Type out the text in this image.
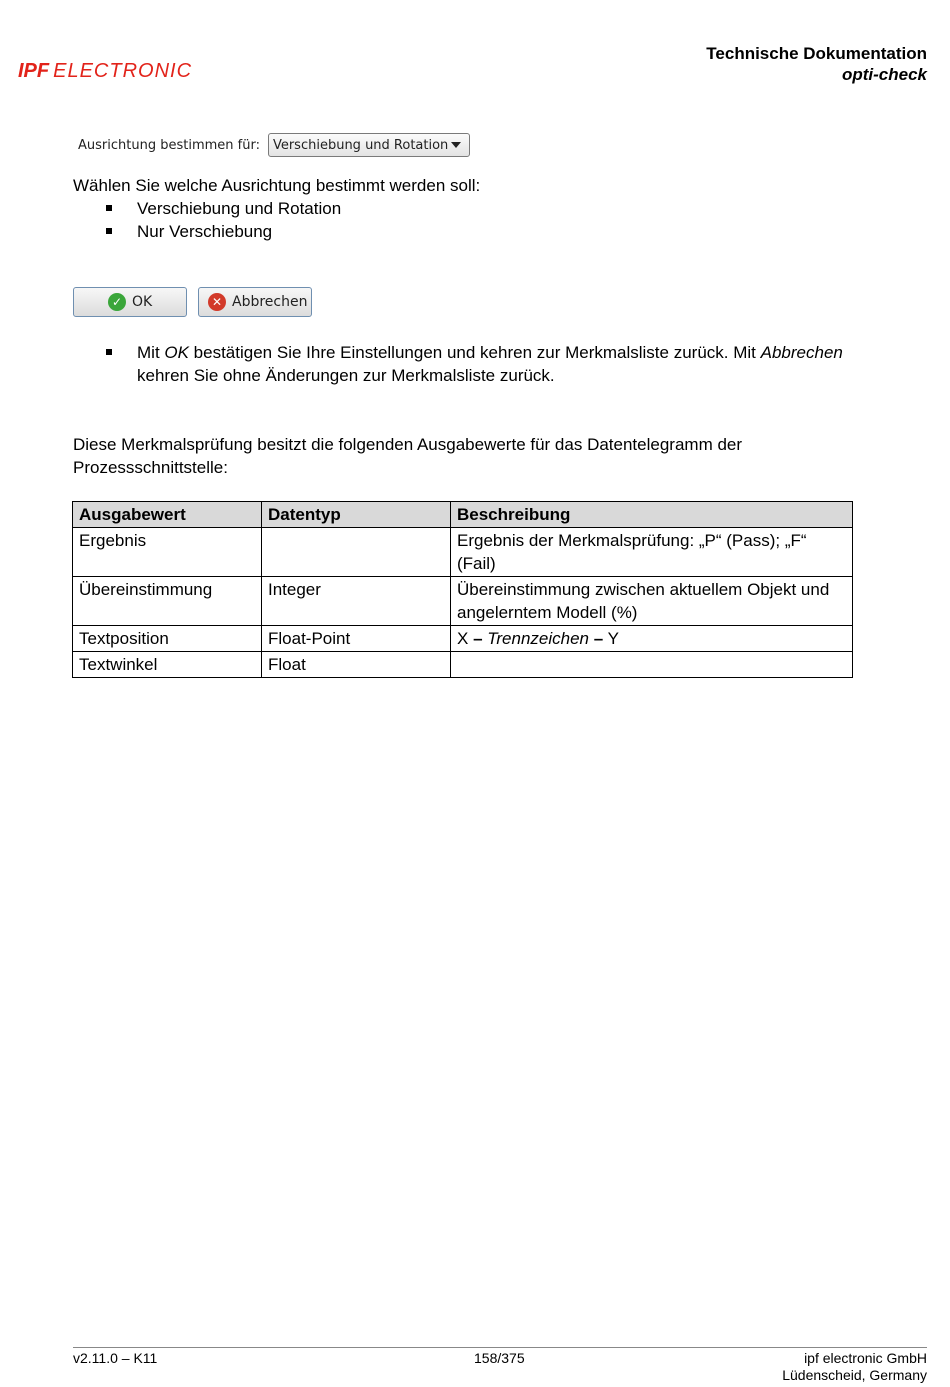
IPF ELECTRONIC
Technische Dokumentation
opti-check
Ausrichtung bestimmen für: Verschiebung und Rotation
Wählen Sie welche Ausrichtung bestimmt werden soll:
Verschiebung und Rotation
Nur Verschiebung
✓ OK	✕ Abbrechen
Mit OK bestätigen Sie Ihre Einstellungen und kehren zur Merkmalsliste zurück. Mit Abbrechen kehren Sie ohne Änderungen zur Merkmalsliste zurück.
Diese Merkmalsprüfung besitzt die folgenden Ausgabewerte für das Datentelegramm der Prozessschnittstelle:
Ausgabewert	Datentyp	Beschreibung
Ergebnis		Ergebnis der Merkmalsprüfung: „P“ (Pass); „F“ (Fail)
Übereinstimmung	Integer	Übereinstimmung zwischen aktuellem Objekt und angelerntem Modell (%)
Textposition	Float-Point	X – Trennzeichen – Y
Textwinkel	Float	
v2.11.0 – K11	158/375	ipf electronic GmbH
Lüdenscheid, Germany
